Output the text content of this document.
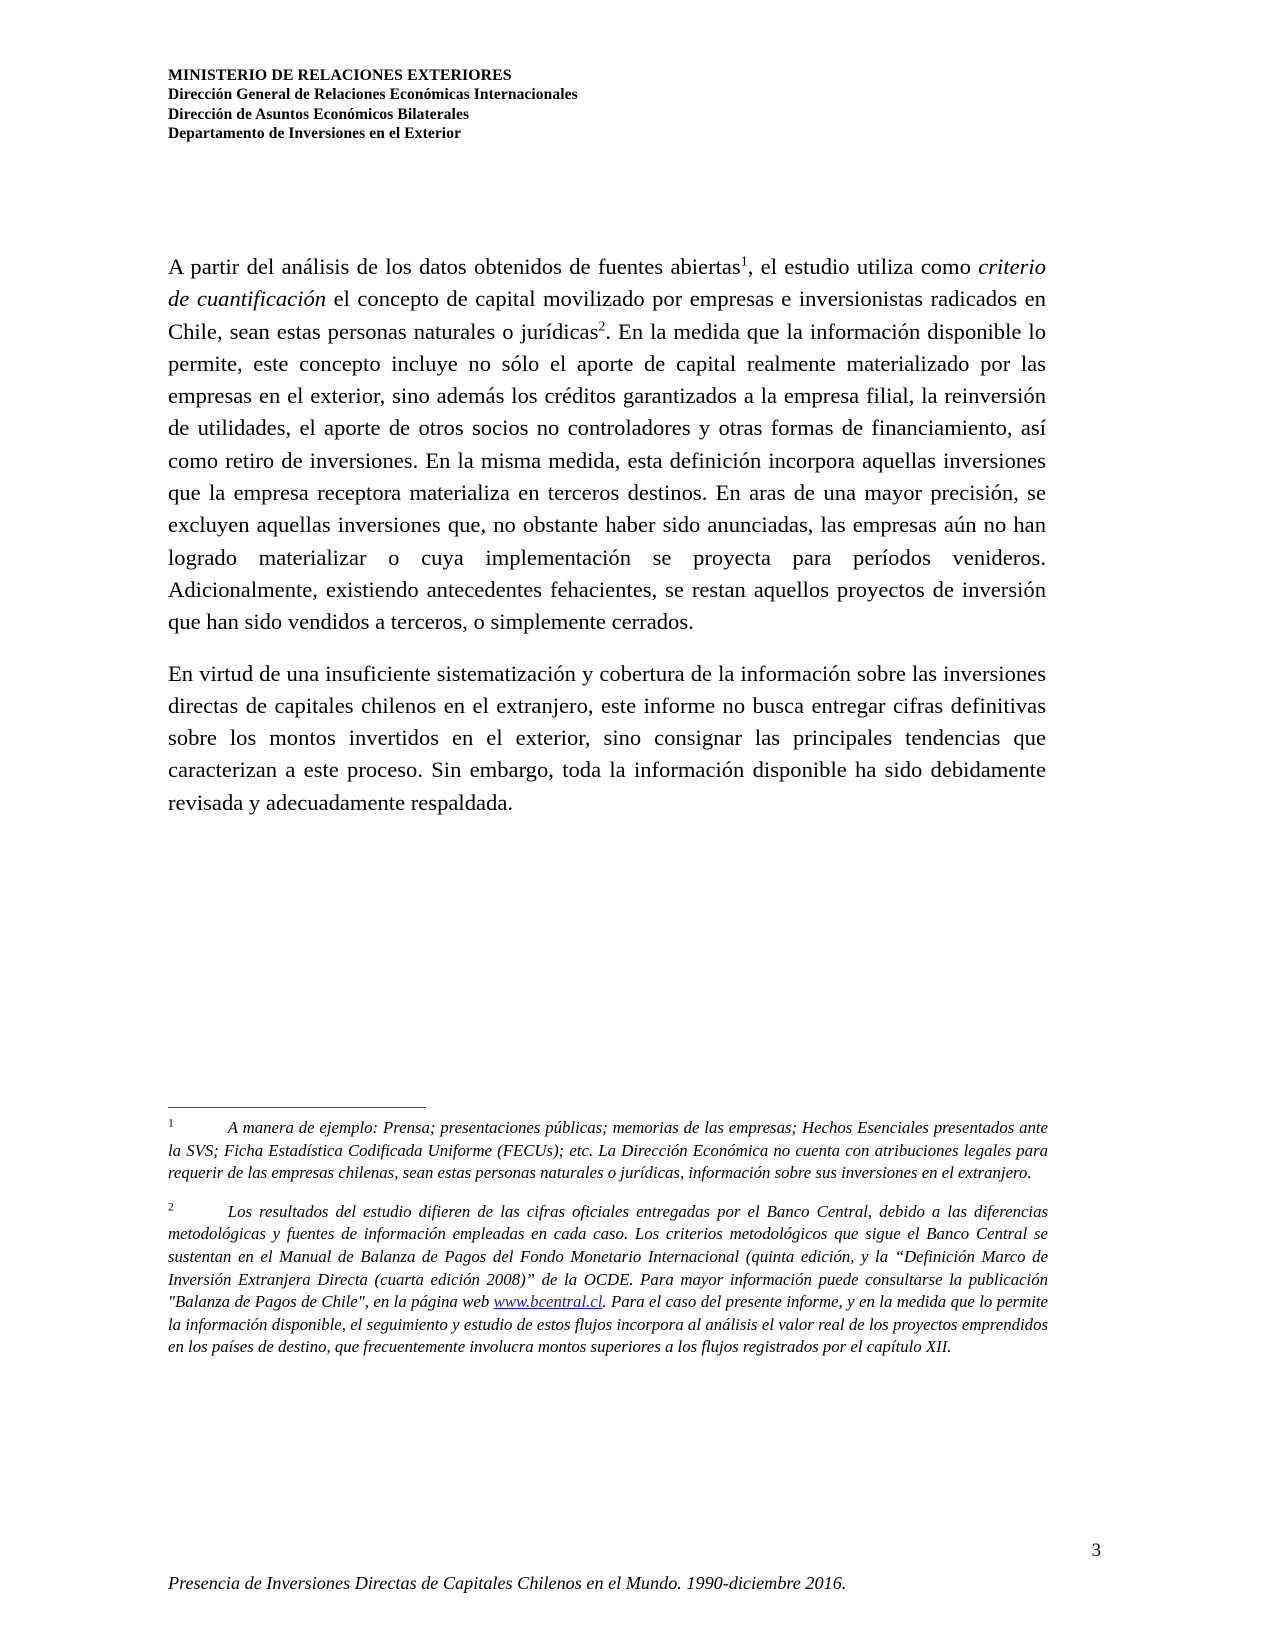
MINISTERIO DE RELACIONES EXTERIORES
Dirección General de Relaciones Económicas Internacionales
Dirección de Asuntos Económicos Bilaterales
Departamento de Inversiones en el Exterior

A partir del análisis de los datos obtenidos de fuentes abiertas$^1$, el estudio utiliza como criterio de cuantificación el concepto de capital movilizado por empresas e inversionistas radicados en Chile, sean estas personas naturales o jurídicas$^2$. En la medida que la información disponible lo permite, este concepto incluye no sólo el aporte de capital realmente materializado por las empresas en el exterior, sino además los créditos garantizados a la empresa filial, la reinversión de utilidades, el aporte de otros socios no controladores y otras formas de financiamiento, así como retiro de inversiones. En la misma medida, esta definición incorpora aquellas inversiones que la empresa receptora materializa en terceros destinos. En aras de una mayor precisión, se excluyen aquellas inversiones que, no obstante haber sido anunciadas, las empresas aún no han logrado materializar o cuya implementación se proyecta para períodos venideros. Adicionalmente, existiendo antecedentes fehacientes, se restan aquellos proyectos de inversión que han sido vendidos a terceros, o simplemente cerrados.

En virtud de una insuficiente sistematización y cobertura de la información sobre las inversiones directas de capitales chilenos en el extranjero, este informe no busca entregar cifras definitivas sobre los montos invertidos en el exterior, sino consignar las principales tendencias que caracterizan a este proceso. Sin embargo, toda la información disponible ha sido debidamente revisada y adecuadamente respaldada.

$^1$	A manera de ejemplo: Prensa; presentaciones públicas; memorias de las empresas; Hechos Esenciales presentados ante la SVS; Ficha Estadística Codificada Uniforme (FECUs); etc. La Dirección Económica no cuenta con atribuciones legales para requerir de las empresas chilenas, sean estas personas naturales o jurídicas, información sobre sus inversiones en el extranjero.

$^2$	Los resultados del estudio difieren de las cifras oficiales entregadas por el Banco Central, debido a las diferencias metodológicas y fuentes de información empleadas en cada caso. Los criterios metodológicos que sigue el Banco Central se sustentan en el Manual de Balanza de Pagos del Fondo Monetario Internacional (quinta edición, y la “Definición Marco de Inversión Extranjera Directa (cuarta edición 2008)” de la OCDE. Para mayor información puede consultarse la publicación "Balanza de Pagos de Chile", en la página web www.bcentral.cl. Para el caso del presente informe, y en la medida que lo permite la información disponible, el seguimiento y estudio de estos flujos incorpora al análisis el valor real de los proyectos emprendidos en los países de destino, que frecuentemente involucra montos superiores a los flujos registrados por el capítulo XII.

3
Presencia de Inversiones Directas de Capitales Chilenos en el Mundo. 1990-diciembre 2016.
